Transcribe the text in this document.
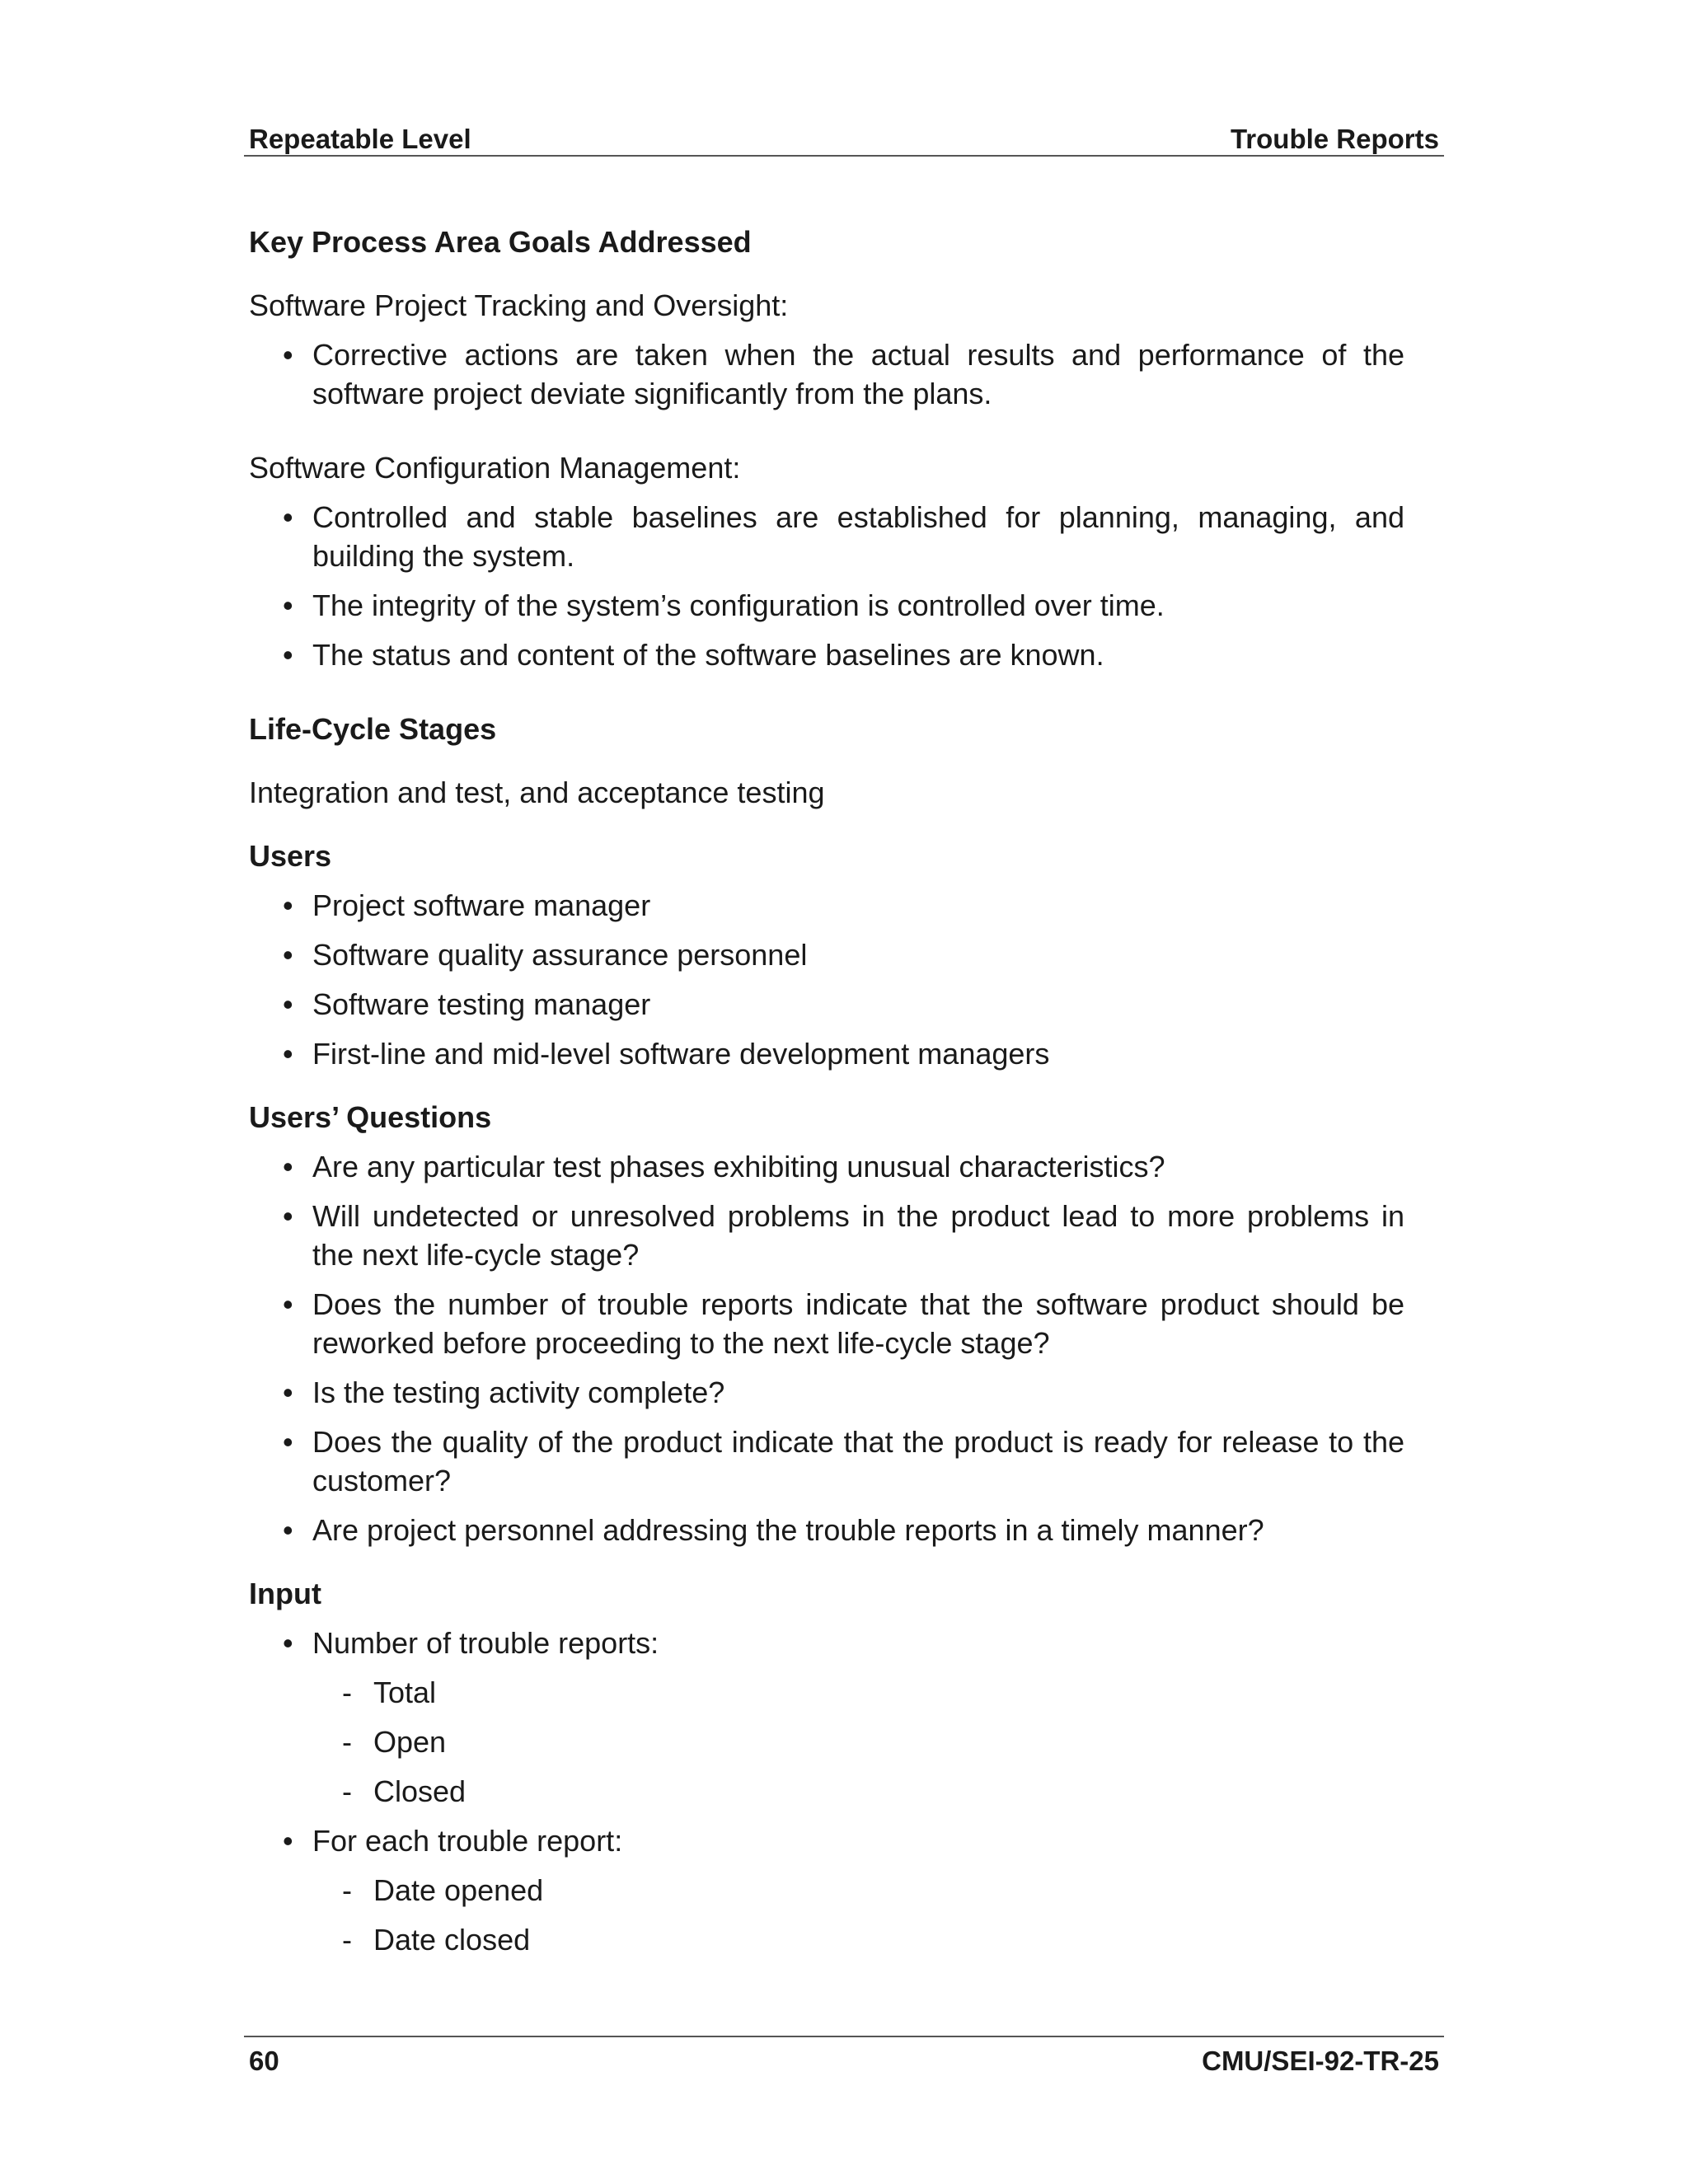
Repeatable Level	Trouble Reports
Key Process Area Goals Addressed

Software Project Tracking and Oversight:

• Corrective actions are taken when the actual results and performance of the software project deviate significantly from the plans.

Software Configuration Management:

• Controlled and stable baselines are established for planning, managing, and building the system.
• The integrity of the system’s configuration is controlled over time.
• The status and content of the software baselines are known.
Life-Cycle Stages

Integration and test, and acceptance testing

Users
• Project software manager
• Software quality assurance personnel
• Software testing manager
• First-line and mid-level software development managers
Users’ Questions
• Are any particular test phases exhibiting unusual characteristics?
• Will undetected or unresolved problems in the product lead to more problems in the next life-cycle stage?
• Does the number of trouble reports indicate that the software product should be reworked before proceeding to the next life-cycle stage?
• Is the testing activity complete?
• Does the quality of the product indicate that the product is ready for release to the customer?
• Are project personnel addressing the trouble reports in a timely manner?
Input
• Number of trouble reports:
- Total
- Open
- Closed
• For each trouble report:
- Date opened
- Date closed
60	CMU/SEI-92-TR-25
